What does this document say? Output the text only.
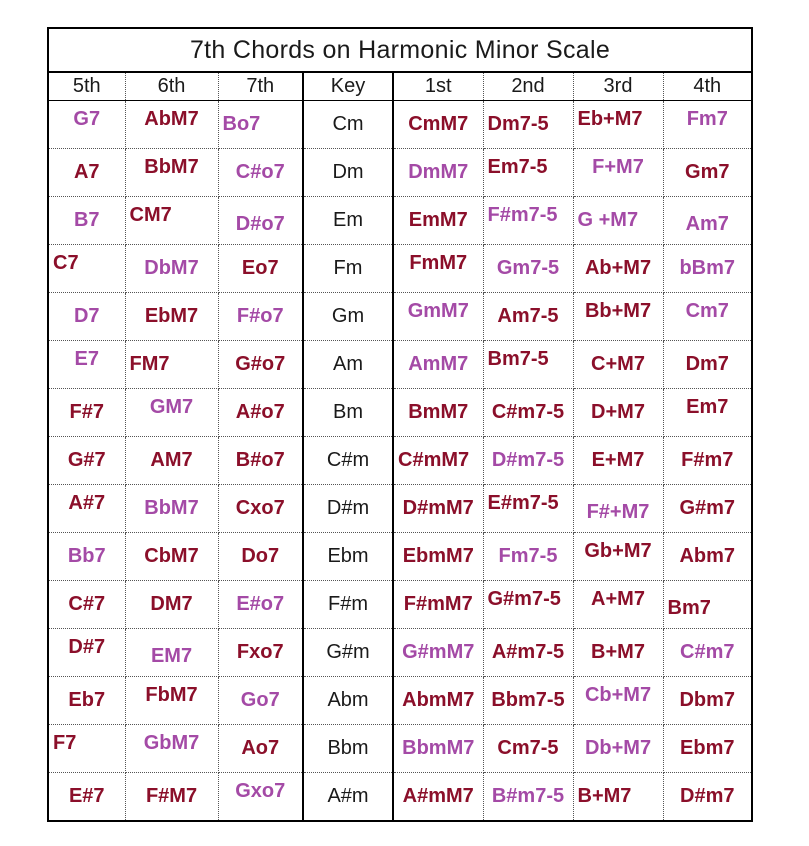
7th Chords on Harmonic Minor Scale							
5th	6th	7th	Key	1st	2nd	3rd	4th

G7	AbM7	Bo7	Cm	CmM7	Dm7-5	Eb+M7	Fm7

A7	BbM7	C#o7	Dm	DmM7	Em7-5	F+M7	Gm7

B7	CM7	D#o7	Em	EmM7	F#m7-5	G +M7	Am7

C7	DbM7	Eo7	Fm	FmM7	Gm7-5	Ab+M7	bBm7

D7	EbM7	F#o7	Gm	GmM7	Am7-5	Bb+M7	Cm7

E7	FM7	G#o7	Am	AmM7	Bm7-5	C+M7	Dm7

F#7	GM7	A#o7	Bm	BmM7	C#m7-5	D+M7	Em7

G#7	AM7	B#o7	C#m	C#mM7	D#m7-5	E+M7	F#m7

A#7	BbM7	Cxo7	D#m	D#mM7	E#m7-5	F#+M7	G#m7

Bb7	CbM7	Do7	Ebm	EbmM7	Fm7-5	Gb+M7	Abm7

C#7	DM7	E#o7	F#m	F#mM7	G#m7-5	A+M7	Bm7

D#7	EM7	Fxo7	G#m	G#mM7	A#m7-5	B+M7	C#m7

Eb7	FbM7	Go7	Abm	AbmM7	Bbm7-5	Cb+M7	Dbm7

F7	GbM7	Ao7	Bbm	BbmM7	Cm7-5	Db+M7	Ebm7

E#7	F#M7	Gxo7	A#m	A#mM7	B#m7-5	B+M7	D#m7
